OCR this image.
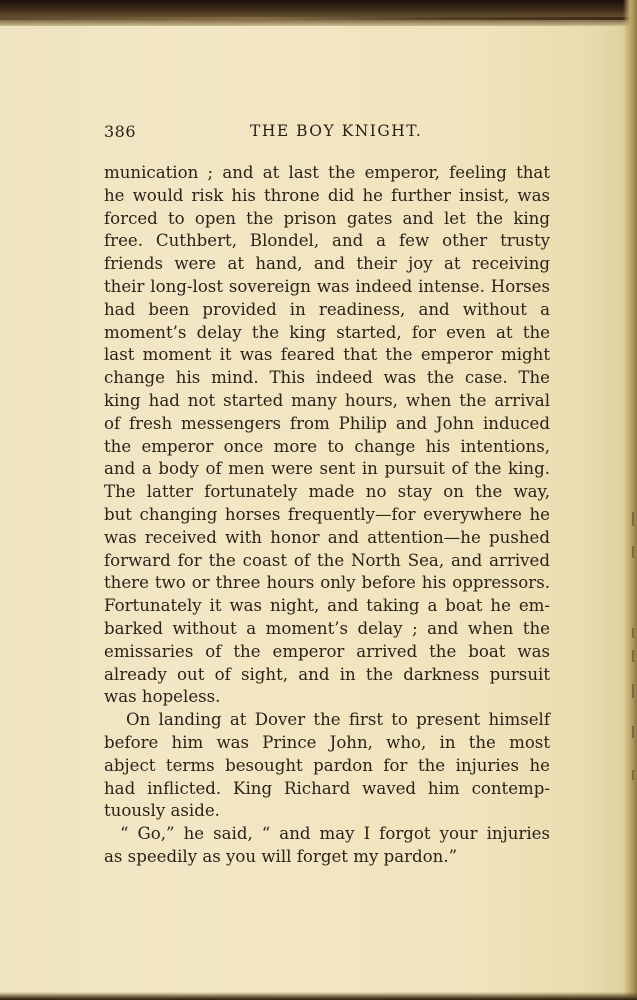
386	THE BOY KNIGHT.
munication ; and at last the emperor, feeling that
he would risk his throne did he further insist, was
forced to open the prison gates and let the king
free. Cuthbert, Blondel, and a few other trusty
friends were at hand, and their joy at receiving
their long-lost sovereign was indeed intense. Horses
had been provided in readiness, and without a
moment’s delay the king started, for even at the
last moment it was feared that the emperor might
change his mind. This indeed was the case. The
king had not started many hours, when the arrival
of fresh messengers from Philip and John induced
the emperor once more to change his intentions,
and a body of men were sent in pursuit of the king.
The latter fortunately made no stay on the way,
but changing horses frequently—for everywhere he
was received with honor and attention—he pushed
forward for the coast of the North Sea, and arrived
there two or three hours only before his oppressors.
Fortunately it was night, and taking a boat he em-
barked without a moment’s delay ; and when the
emissaries of the emperor arrived the boat was
already out of sight, and in the darkness pursuit
was hopeless.
On landing at Dover the first to present himself
before him was Prince John, who, in the most
abject terms besought pardon for the injuries he
had inflicted. King Richard waved him contemp-
tuously aside.
“ Go,” he said, “ and may I forgot your injuries
as speedily as you will forget my pardon.”
